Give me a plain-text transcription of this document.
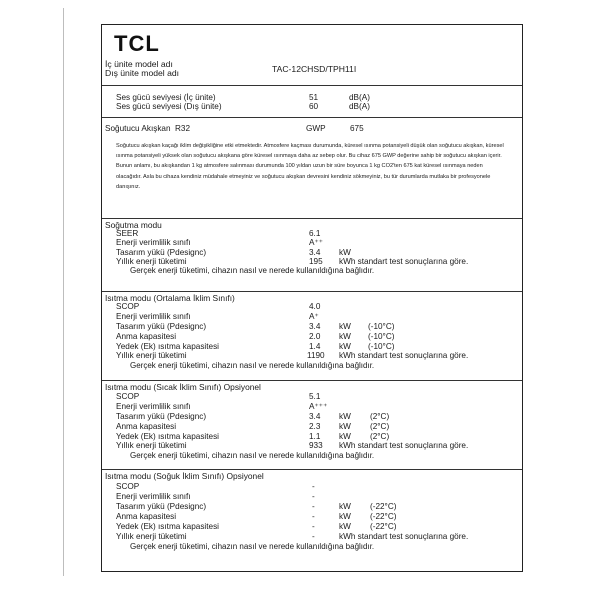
TCL
İç ünite model adı
Dış ünite model adı	TAC-12CHSD/TPH11I
Ses gücü seviyesi (İç ünite)	51	dB(A)
Ses gücü seviyesi (Dış ünite)	60	dB(A)
Soğutucu Akışkan R32	GWP	675
Soğutucu akışkan kaçağı iklim değişikliğine etki etmektedir. Atmosfere kaçması durumunda, küresel ısınma potansiyeli düşük olan soğutucu akışkan, küresel ısınma potansiyeli yüksek olan soğutucu akışkana göre küresel ısınmaya daha az sebep olur. Bu cihaz 675 GWP değerine sahip bir soğutucu akışkan içerir. Bunun anlamı, bu akışkandan 1 kg atmosfere salınması durumunda 100 yıldan uzun bir süre boyunca 1 kg CO2'ten 675 kat küresel ısınmaya neden olacağıdır. Asla bu cihaza kendiniz müdahale etmeyiniz ve soğutucu akışkan devresini kendiniz sökmeyiniz, bu tür durumlarda mutlaka bir profesyonele danışınız.
Soğutma modu
SEER	6.1
Enerji verimlilik sınıfı	A⁺⁺
Tasarım yükü (Pdesignc)	3.4 kW
Yıllık enerji tüketimi	195 kWh standart test sonuçlarına göre.
Gerçek enerji tüketimi, cihazın nasıl ve nerede kullanıldığına bağlıdır.
Isıtma modu (Ortalama İklim Sınıfı)
SCOP	4.0
Enerji verimlilik sınıfı	A⁺
Tasarım yükü (Pdesignc)	3.4 kW (-10°C)
Anma kapasitesi	2.0 kW (-10°C)
Yedek (Ek) ısıtma kapasitesi	1.4 kW (-10°C)
Yıllık enerji tüketimi	1190 kWh standart test sonuçlarına göre.
Gerçek enerji tüketimi, cihazın nasıl ve nerede kullanıldığına bağlıdır.
Isıtma modu (Sıcak İklim Sınıfı) Opsiyonel
SCOP	5.1
Enerji verimlilik sınıfı	A⁺⁺⁺
Tasarım yükü (Pdesignc)	3.4 kW (2°C)
Anma kapasitesi	2.3 kW (2°C)
Yedek (Ek) ısıtma kapasitesi	1.1 kW (2°C)
Yıllık enerji tüketimi	933 kWh standart test sonuçlarına göre.
Gerçek enerji tüketimi, cihazın nasıl ve nerede kullanıldığına bağlıdır.
Isıtma modu (Soğuk İklim Sınıfı) Opsiyonel
SCOP	-
Enerji verimlilik sınıfı	-
Tasarım yükü (Pdesignc)	-	kW (-22°C)
Anma kapasitesi	-	kW (-22°C)
Yedek (Ek) ısıtma kapasitesi	-	kW (-22°C)
Yıllık enerji tüketimi	-	kWh standart test sonuçlarına göre.
Gerçek enerji tüketimi, cihazın nasıl ve nerede kullanıldığına bağlıdır.
